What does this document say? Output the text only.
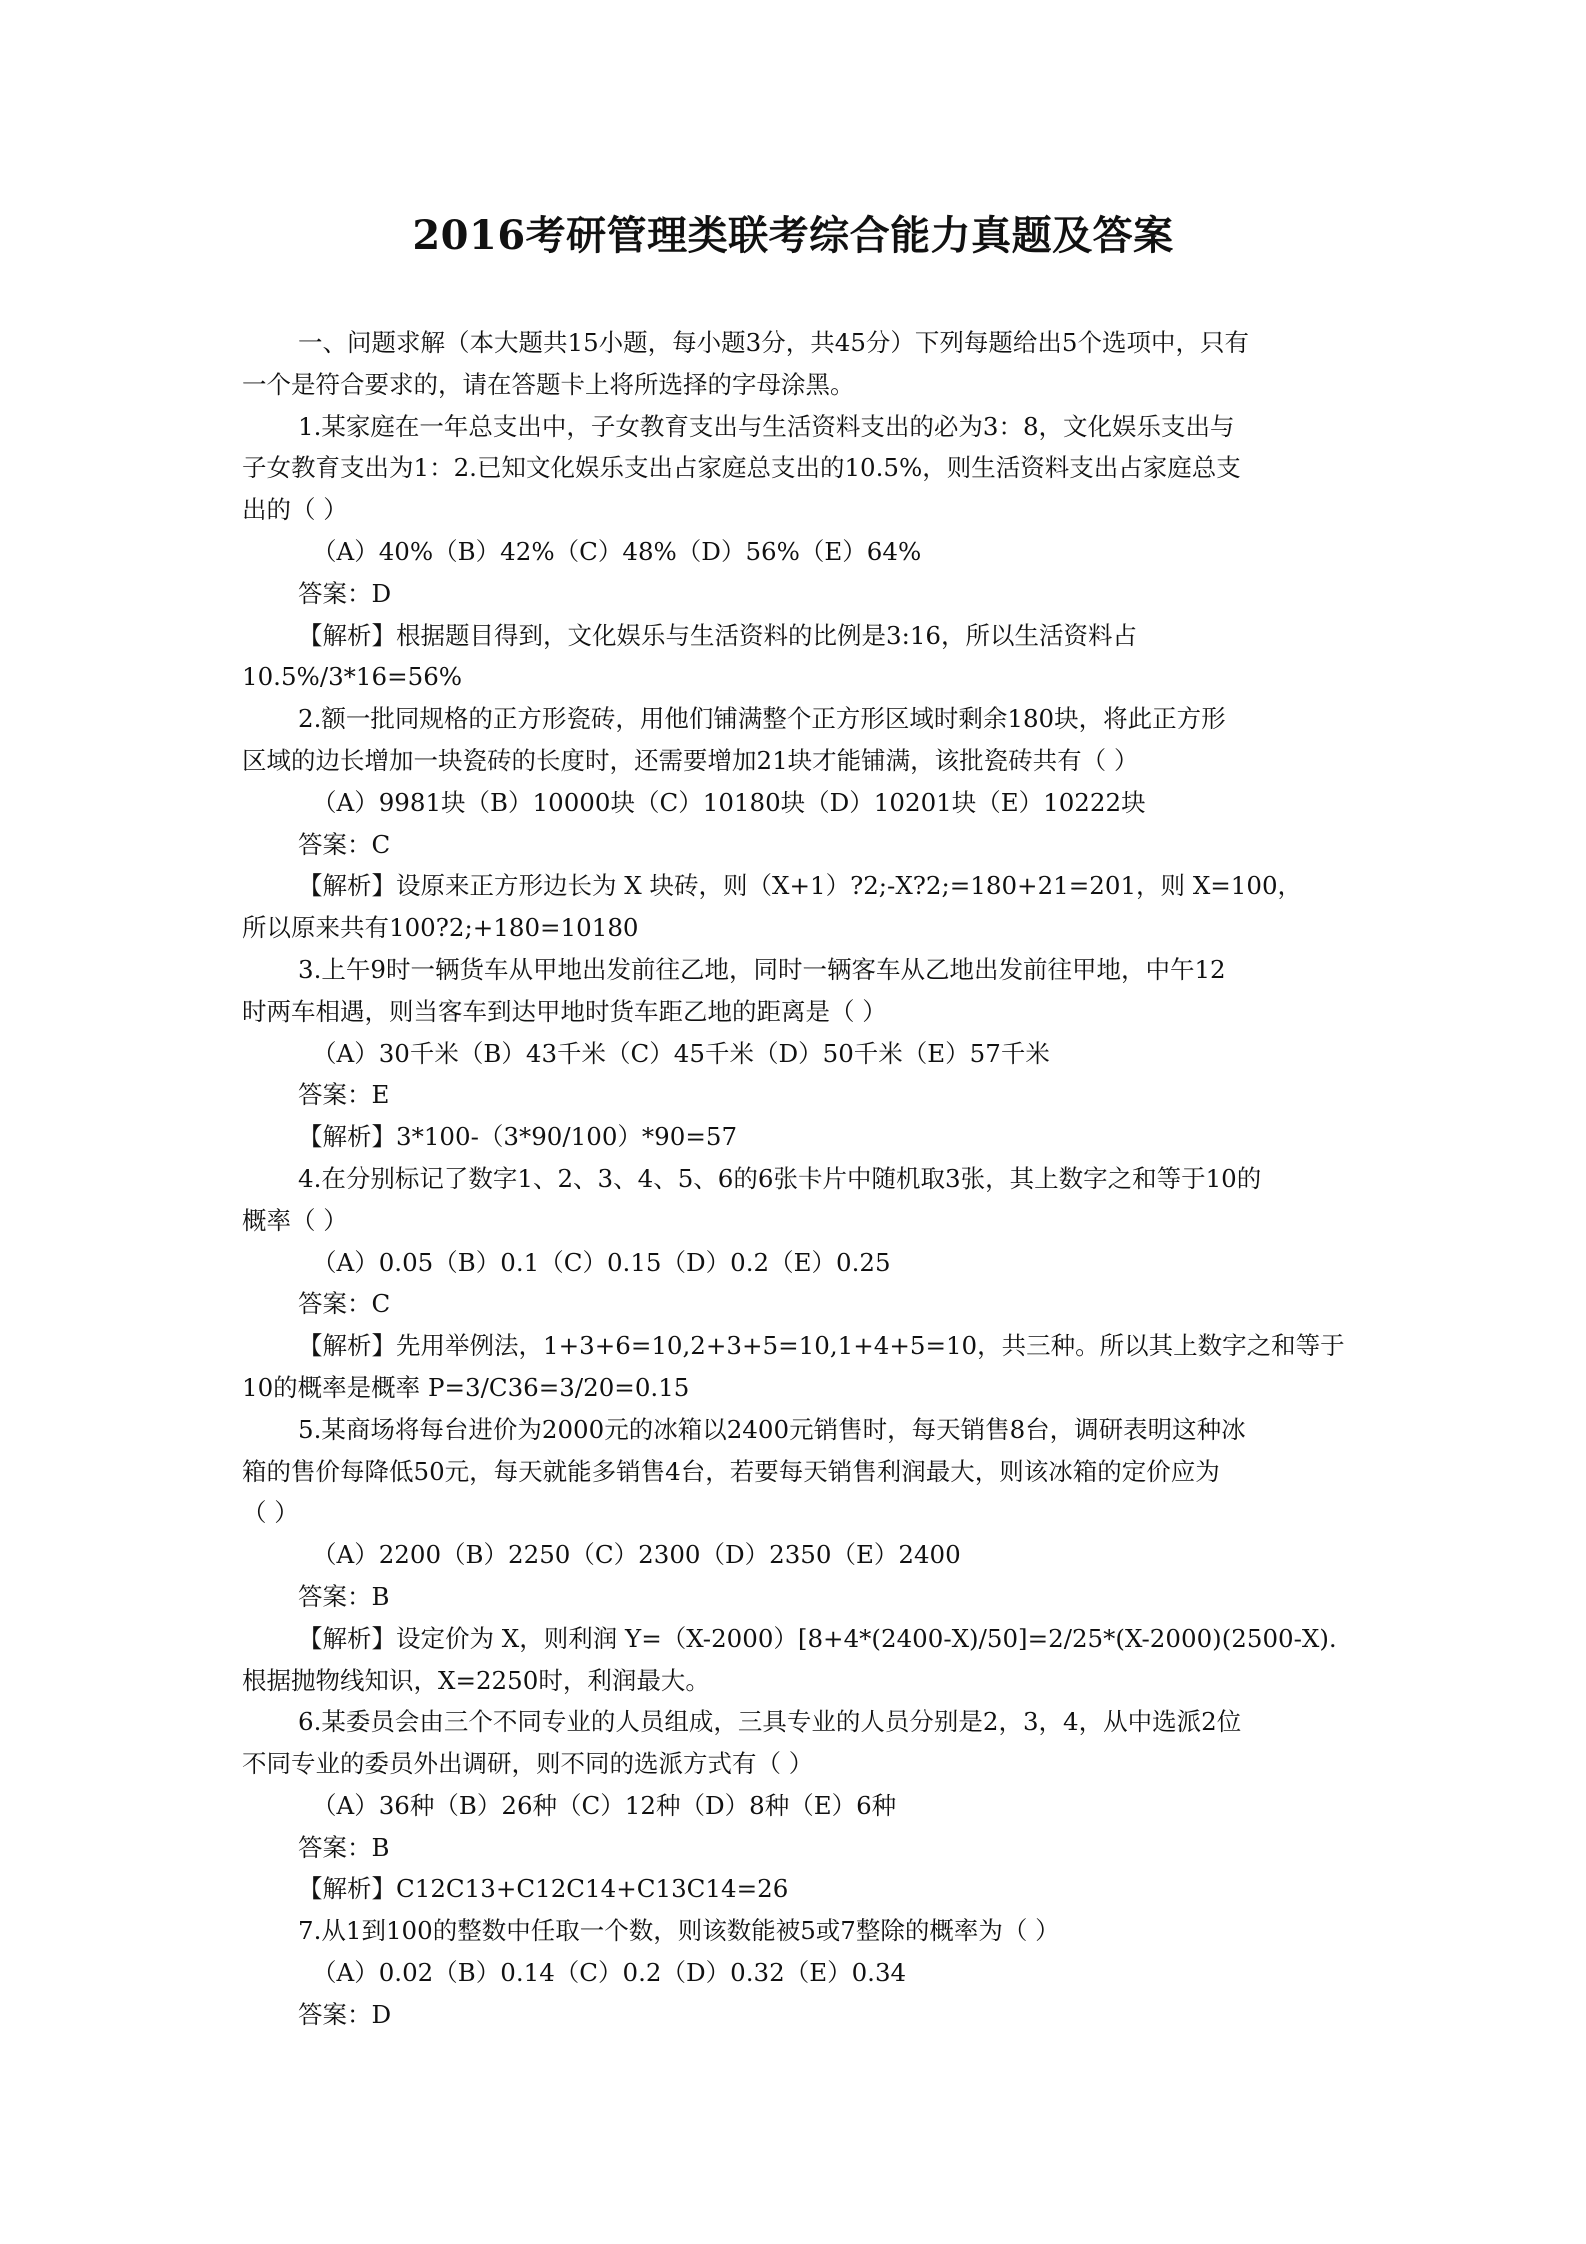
2016考研管理类联考综合能力真题及答案
一、问题求解（本大题共15小题，每小题3分，共45分）下列每题给出5个选项中，只有
一个是符合要求的，请在答题卡上将所选择的字母涂黑。
1.某家庭在一年总支出中，子女教育支出与生活资料支出的必为3：8，文化娱乐支出与
子女教育支出为1：2.已知文化娱乐支出占家庭总支出的10.5%，则生活资料支出占家庭总支
出的（ ）
（A）40%（B）42%（C）48%（D）56%（E）64%
答案：D
【解析】根据题目得到，文化娱乐与生活资料的比例是3:16，所以生活资料占
10.5%/3*16=56%
2.额一批同规格的正方形瓷砖，用他们铺满整个正方形区域时剩余180块，将此正方形
区域的边长增加一块瓷砖的长度时，还需要增加21块才能铺满，该批瓷砖共有（ ）
（A）9981块（B）10000块（C）10180块（D）10201块（E）10222块
答案：C
【解析】设原来正方形边长为 X 块砖，则（X+1）?2;-X?2;=180+21=201，则 X=100，
所以原来共有100?2;+180=10180
3.上午9时一辆货车从甲地出发前往乙地，同时一辆客车从乙地出发前往甲地，中午12
时两车相遇，则当客车到达甲地时货车距乙地的距离是（ ）
（A）30千米（B）43千米（C）45千米（D）50千米（E）57千米
答案：E
【解析】3*100-（3*90/100）*90=57
4.在分别标记了数字1、2、3、4、5、6的6张卡片中随机取3张，其上数字之和等于10的
概率（ ）
（A）0.05（B）0.1（C）0.15（D）0.2（E）0.25
答案：C
【解析】先用举例法，1+3+6=10,2+3+5=10,1+4+5=10，共三种。所以其上数字之和等于
10的概率是概率 P=3/C36=3/20=0.15
5.某商场将每台进价为2000元的冰箱以2400元销售时，每天销售8台，调研表明这种冰
箱的售价每降低50元，每天就能多销售4台，若要每天销售利润最大，则该冰箱的定价应为
（ ）
（A）2200（B）2250（C）2300（D）2350（E）2400
答案：B
【解析】设定价为 X，则利润 Y=（X-2000）[8+4*(2400-X)/50]=2/25*(X-2000)(2500-X).
根据抛物线知识，X=2250时，利润最大。
6.某委员会由三个不同专业的人员组成，三具专业的人员分别是2，3，4，从中选派2位
不同专业的委员外出调研，则不同的选派方式有（ ）
（A）36种（B）26种（C）12种（D）8种（E）6种
答案：B
【解析】C12C13+C12C14+C13C14=26
7.从1到100的整数中任取一个数，则该数能被5或7整除的概率为（ ）
（A）0.02（B）0.14（C）0.2（D）0.32（E）0.34
答案：D
